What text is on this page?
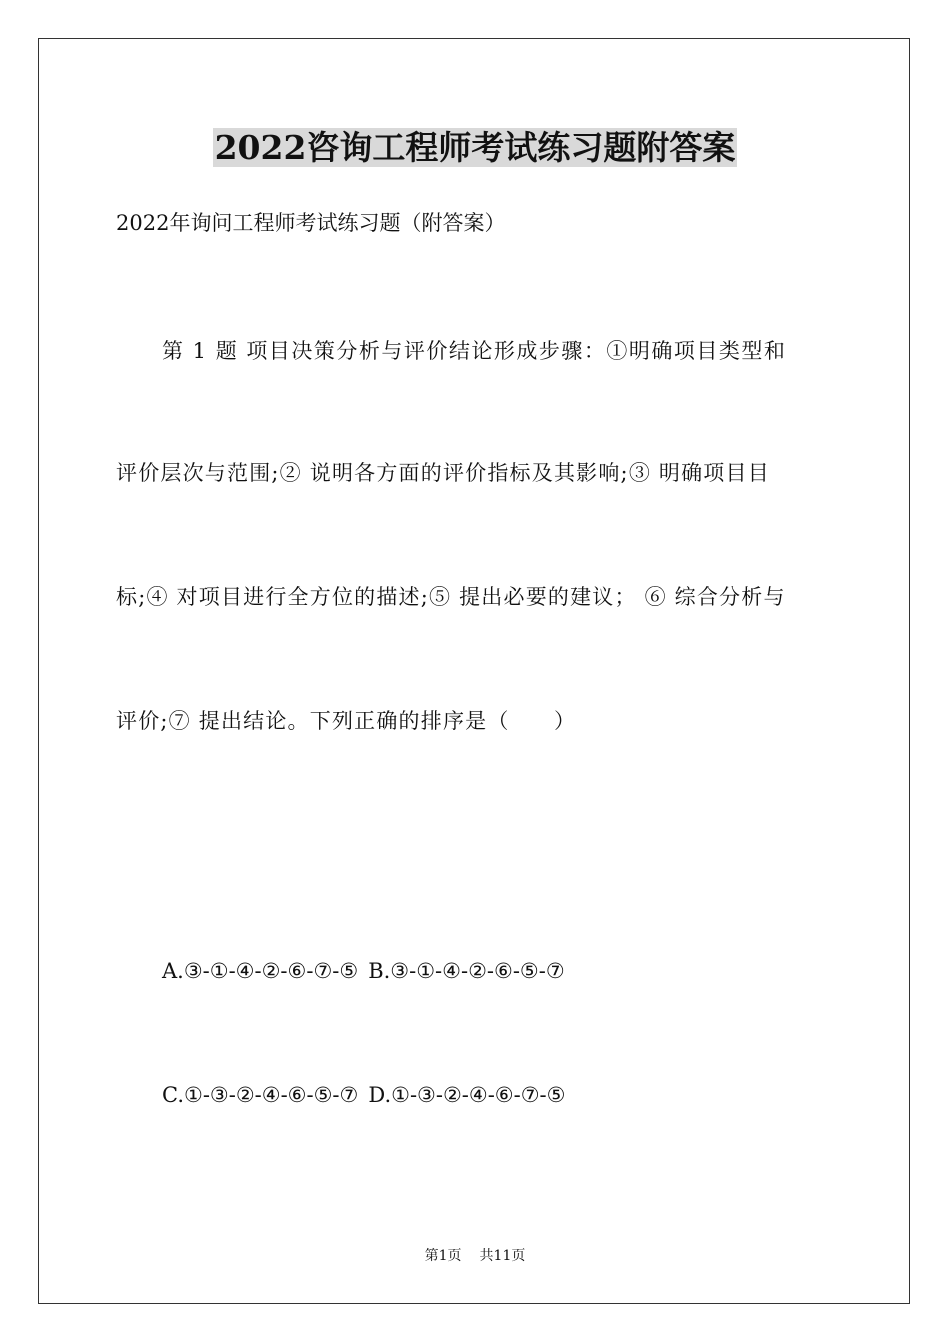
2022咨询工程师考试练习题附答案
2022年询问工程师考试练习题（附答案）
第 1 题 项目决策分析与评价结论形成步骤：①明确项目类型和
评价层次与范围;② 说明各方面的评价指标及其影响;③ 明确项目目
标;④ 对项目进行全方位的描述;⑤ 提出必要的建议； ⑥ 综合分析与
评价;⑦ 提出结论。下列正确的排序是（　　）
A.③-①-④-②-⑥-⑦-⑤ B.③-①-④-②-⑥-⑤-⑦
C.①-③-②-④-⑥-⑤-⑦ D.①-③-②-④-⑥-⑦-⑤
第1页 共11页
